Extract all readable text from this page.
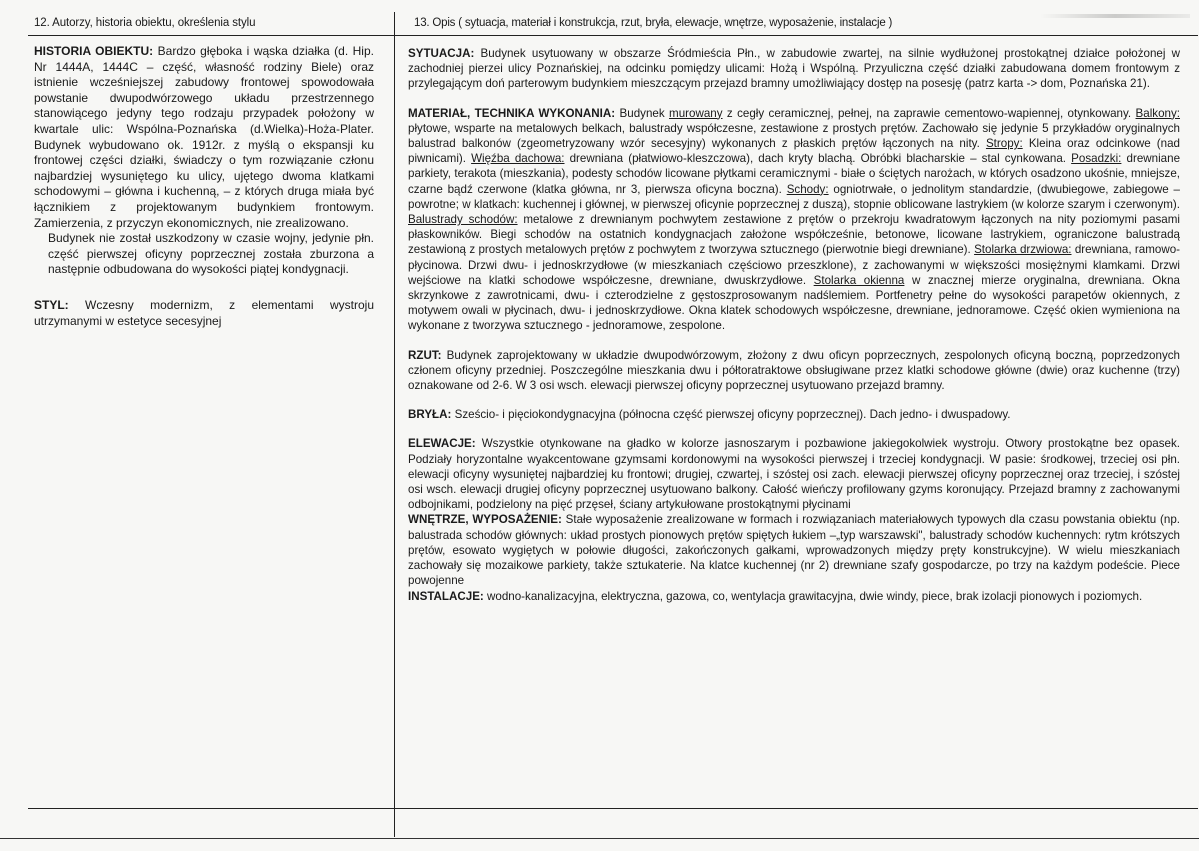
12. Autorzy, historia obiektu, określenia stylu	13. Opis ( sytuacja, materiał i konstrukcja, rzut, bryła, elewacje, wnętrze, wyposażenie, instalacje )

HISTORIA OBIEKTU: Bardzo głęboka i wąska działka (d. Hip. Nr 1444A, 1444C – część, własność rodziny Biele) oraz istnienie wcześniejszej zabudowy frontowej spowodowała powstanie dwupodwórzowego układu przestrzennego stanowiącego jedyny tego rodzaju przypadek położony w kwartale ulic: Wspólna-Poznańska (d.Wielka)-Hoża-Plater. Budynek wybudowano ok. 1912r. z myślą o ekspansji ku frontowej części działki, świadczy o tym rozwiązanie członu najbardziej wysuniętego ku ulicy, ujętego dwoma klatkami schodowymi – główna i kuchenną, – z których druga miała być łącznikiem z projektowanym budynkiem frontowym. Zamierzenia, z przyczyn ekonomicznych, nie zrealizowano.

Budynek nie został uszkodzony w czasie wojny, jedynie płn. część pierwszej oficyny poprzecznej została zburzona a następnie odbudowana do wysokości piątej kondygnacji.

STYL: Wczesny modernizm, z elementami wystroju utrzymanymi w estetyce secesyjnej

SYTUACJA: Budynek usytuowany w obszarze Śródmieścia Płn., w zabudowie zwartej, na silnie wydłużonej prostokątnej działce położonej w zachodniej pierzei ulicy Poznańskiej, na odcinku pomiędzy ulicami: Hożą i Wspólną. Przyuliczna część działki zabudowana domem frontowym z przylegającym doń parterowym budynkiem mieszczącym przejazd bramny umożliwiający dostęp na posesję (patrz karta -> dom, Poznańska 21).

MATERIAŁ, TECHNIKA WYKONANIA: Budynek murowany z cegły ceramicznej, pełnej, na zaprawie cementowo-wapiennej, otynkowany. Balkony: płytowe, wsparte na metalowych belkach, balustrady współczesne, zestawione z prostych prętów. Zachowało się jedynie 5 przykładów oryginalnych balustrad balkonów (zgeometryzowany wzór secesyjny) wykonanych z płaskich prętów łączonych na nity. Stropy: Kleina oraz odcinkowe (nad piwnicami). Więźba dachowa: drewniana (płatwiowo-kleszczowa), dach kryty blachą. Obróbki blacharskie – stal cynkowana. Posadzki: drewniane parkiety, terakota (mieszkania), podesty schodów licowane płytkami ceramicznymi - białe o ściętych narożach, w których osadzono ukośnie, mniejsze, czarne bądź czerwone (klatka główna, nr 3, pierwsza oficyna boczna). Schody: ogniotrwałe, o jednolitym standardzie, (dwubiegowe, zabiegowe – powrotne; w klatkach: kuchennej i głównej, w pierwszej oficynie poprzecznej z duszą), stopnie oblicowane lastrykiem (w kolorze szarym i czerwonym). Balustrady schodów: metalowe z drewnianym pochwytem zestawione z prętów o przekroju kwadratowym łączonych na nity poziomymi pasami płaskowników. Biegi schodów na ostatnich kondygnacjach założone współcześnie, betonowe, licowane lastrykiem, ograniczone balustradą zestawioną z prostych metalowych prętów z pochwytem z tworzywa sztucznego (pierwotnie biegi drewniane). Stolarka drzwiowa: drewniana, ramowo-płycinowa. Drzwi dwu- i jednoskrzydłowe (w mieszkaniach częściowo przeszklone), z zachowanymi w większości mosiężnymi klamkami. Drzwi wejściowe na klatki schodowe współczesne, drewniane, dwuskrzydłowe. Stolarka okienna w znacznej mierze oryginalna, drewniana. Okna skrzynkowe z zawrotnicami, dwu- i czterodzielne z gęstoszprosowanym nadślemiem. Portfenetry pełne do wysokości parapetów okiennych, z motywem owali w płycinach, dwu- i jednoskrzydłowe. Okna klatek schodowych współczesne, drewniane, jednoramowe. Część okien wymieniona na wykonane z tworzywa sztucznego - jednoramowe, zespolone.

RZUT: Budynek zaprojektowany w układzie dwupodwórzowym, złożony z dwu oficyn poprzecznych, zespolonych oficyną boczną, poprzedzonych członem oficyny przedniej. Poszczególne mieszkania dwu i półtoratraktowe obsługiwane przez klatki schodowe główne (dwie) oraz kuchenne (trzy) oznakowane od 2-6. W 3 osi wsch. elewacji pierwszej oficyny poprzecznej usytuowano przejazd bramny.

BRYŁA: Sześcio- i pięciokondygnacyjna (północna część pierwszej oficyny poprzecznej). Dach jedno- i dwuspadowy.

ELEWACJE: Wszystkie otynkowane na gładko w kolorze jasnoszarym i pozbawione jakiegokolwiek wystroju. Otwory prostokątne bez opasek. Podziały horyzontalne wyakcentowane gzymsami kordonowymi na wysokości pierwszej i trzeciej kondygnacji. W pasie: środkowej, trzeciej osi płn. elewacji oficyny wysuniętej najbardziej ku frontowi; drugiej, czwartej, i szóstej osi zach. elewacji pierwszej oficyny poprzecznej oraz trzeciej, i szóstej osi wsch. elewacji drugiej oficyny poprzecznej usytuowano balkony. Całość wieńczy profilowany gzyms koronujący. Przejazd bramny z zachowanymi odbojnikami, podzielony na pięć przęseł, ściany artykułowane prostokątnymi płycinami

WNĘTRZE, WYPOSAŻENIE: Stałe wyposażenie zrealizowane w formach i rozwiązaniach materiałowych typowych dla czasu powstania obiektu (np. balustrada schodów głównych: układ prostych pionowych prętów spiętych łukiem –„typ warszawski", balustrady schodów kuchennych: rytm krótszych prętów, esowato wygiętych w połowie długości, zakończonych gałkami, wprowadzonych między pręty konstrukcyjne). W wielu mieszkaniach zachowały się mozaikowe parkiety, także sztukaterie. Na klatce kuchennej (nr 2) drewniane szafy gospodarcze, po trzy na każdym podeście. Piece powojenne

INSTALACJE: wodno-kanalizacyjna, elektryczna, gazowa, co, wentylacja grawitacyjna, dwie windy, piece, brak izolacji pionowych i poziomych.
